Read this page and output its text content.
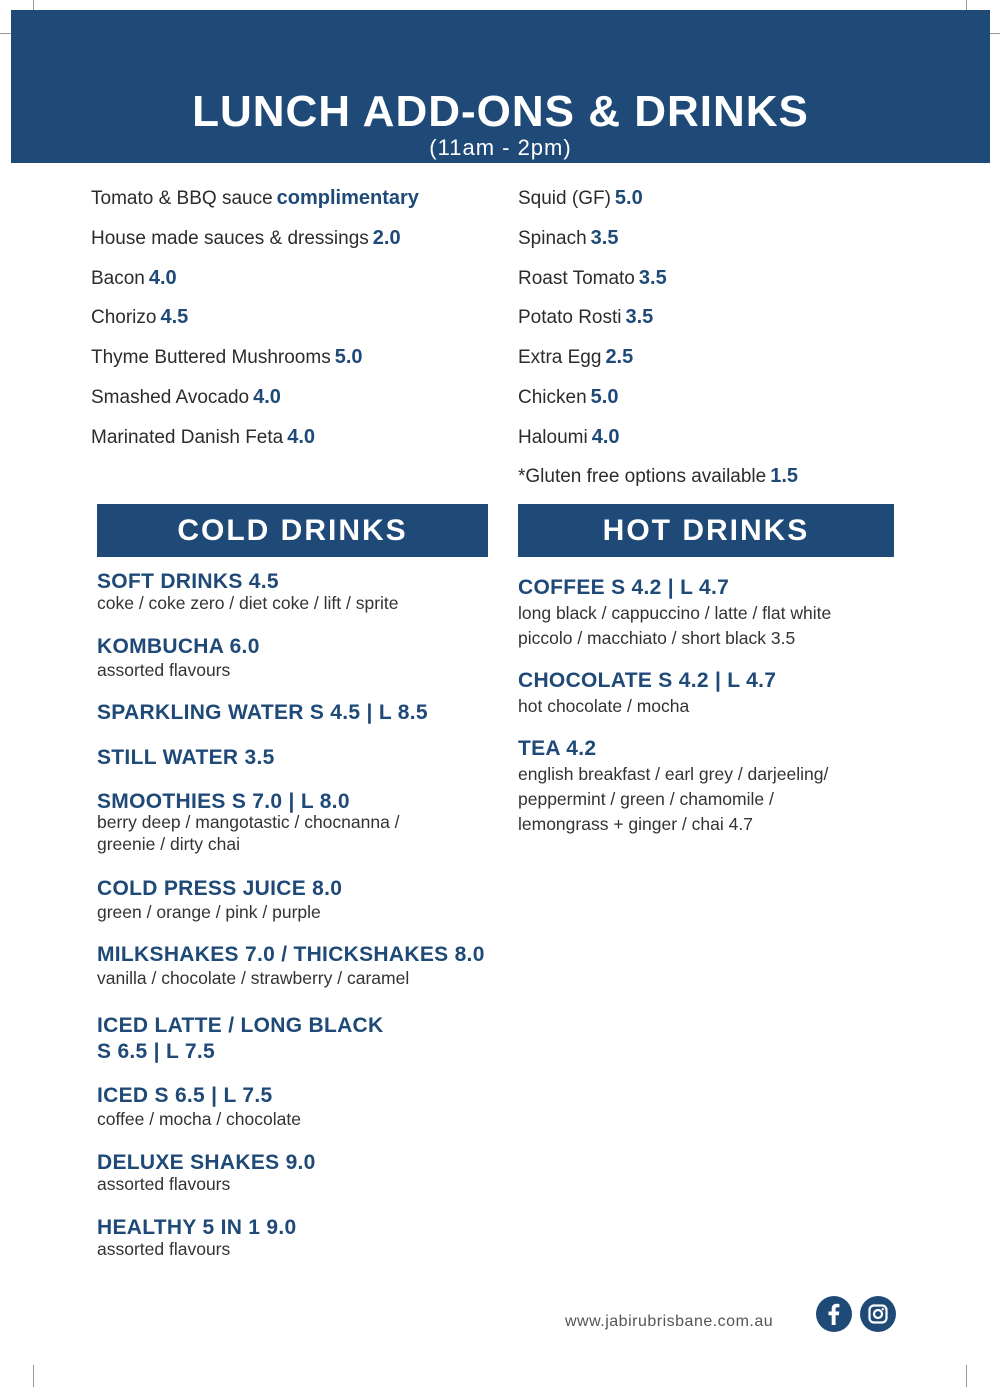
LUNCH ADD-ONS & DRINKS
(11am - 2pm)
Tomato & BBQ sauce complimentary
House made sauces & dressings 2.0
Bacon 4.0
Chorizo 4.5
Thyme Buttered Mushrooms 5.0
Smashed Avocado 4.0
Marinated Danish Feta 4.0
Squid (GF) 5.0
Spinach 3.5
Roast Tomato 3.5
Potato Rosti 3.5
Extra Egg 2.5
Chicken 5.0
Haloumi 4.0
*Gluten free options available 1.5
COLD DRINKS	HOT DRINKS
SOFT DRINKS 4.5
coke / coke zero / diet coke / lift / sprite
KOMBUCHA 6.0
assorted flavours
SPARKLING WATER S 4.5 | L 8.5
STILL WATER 3.5
SMOOTHIES S 7.0 | L 8.0
berry deep / mangotastic / chocnanna /
greenie / dirty chai
COLD PRESS JUICE 8.0
green / orange / pink / purple
MILKSHAKES 7.0 / THICKSHAKES 8.0
vanilla / chocolate / strawberry / caramel
ICED LATTE / LONG BLACK
S 6.5 | L 7.5
ICED S 6.5 | L 7.5
coffee / mocha / chocolate
DELUXE SHAKES 9.0
assorted flavours
HEALTHY 5 IN 1 9.0
assorted flavours
COFFEE S 4.2 | L 4.7
long black / cappuccino / latte / flat white
piccolo / macchiato / short black 3.5
CHOCOLATE S 4.2 | L 4.7
hot chocolate / mocha
TEA 4.2
english breakfast / earl grey / darjeeling/
peppermint / green / chamomile /
lemongrass + ginger / chai 4.7
www.jabirubrisbane.com.au
